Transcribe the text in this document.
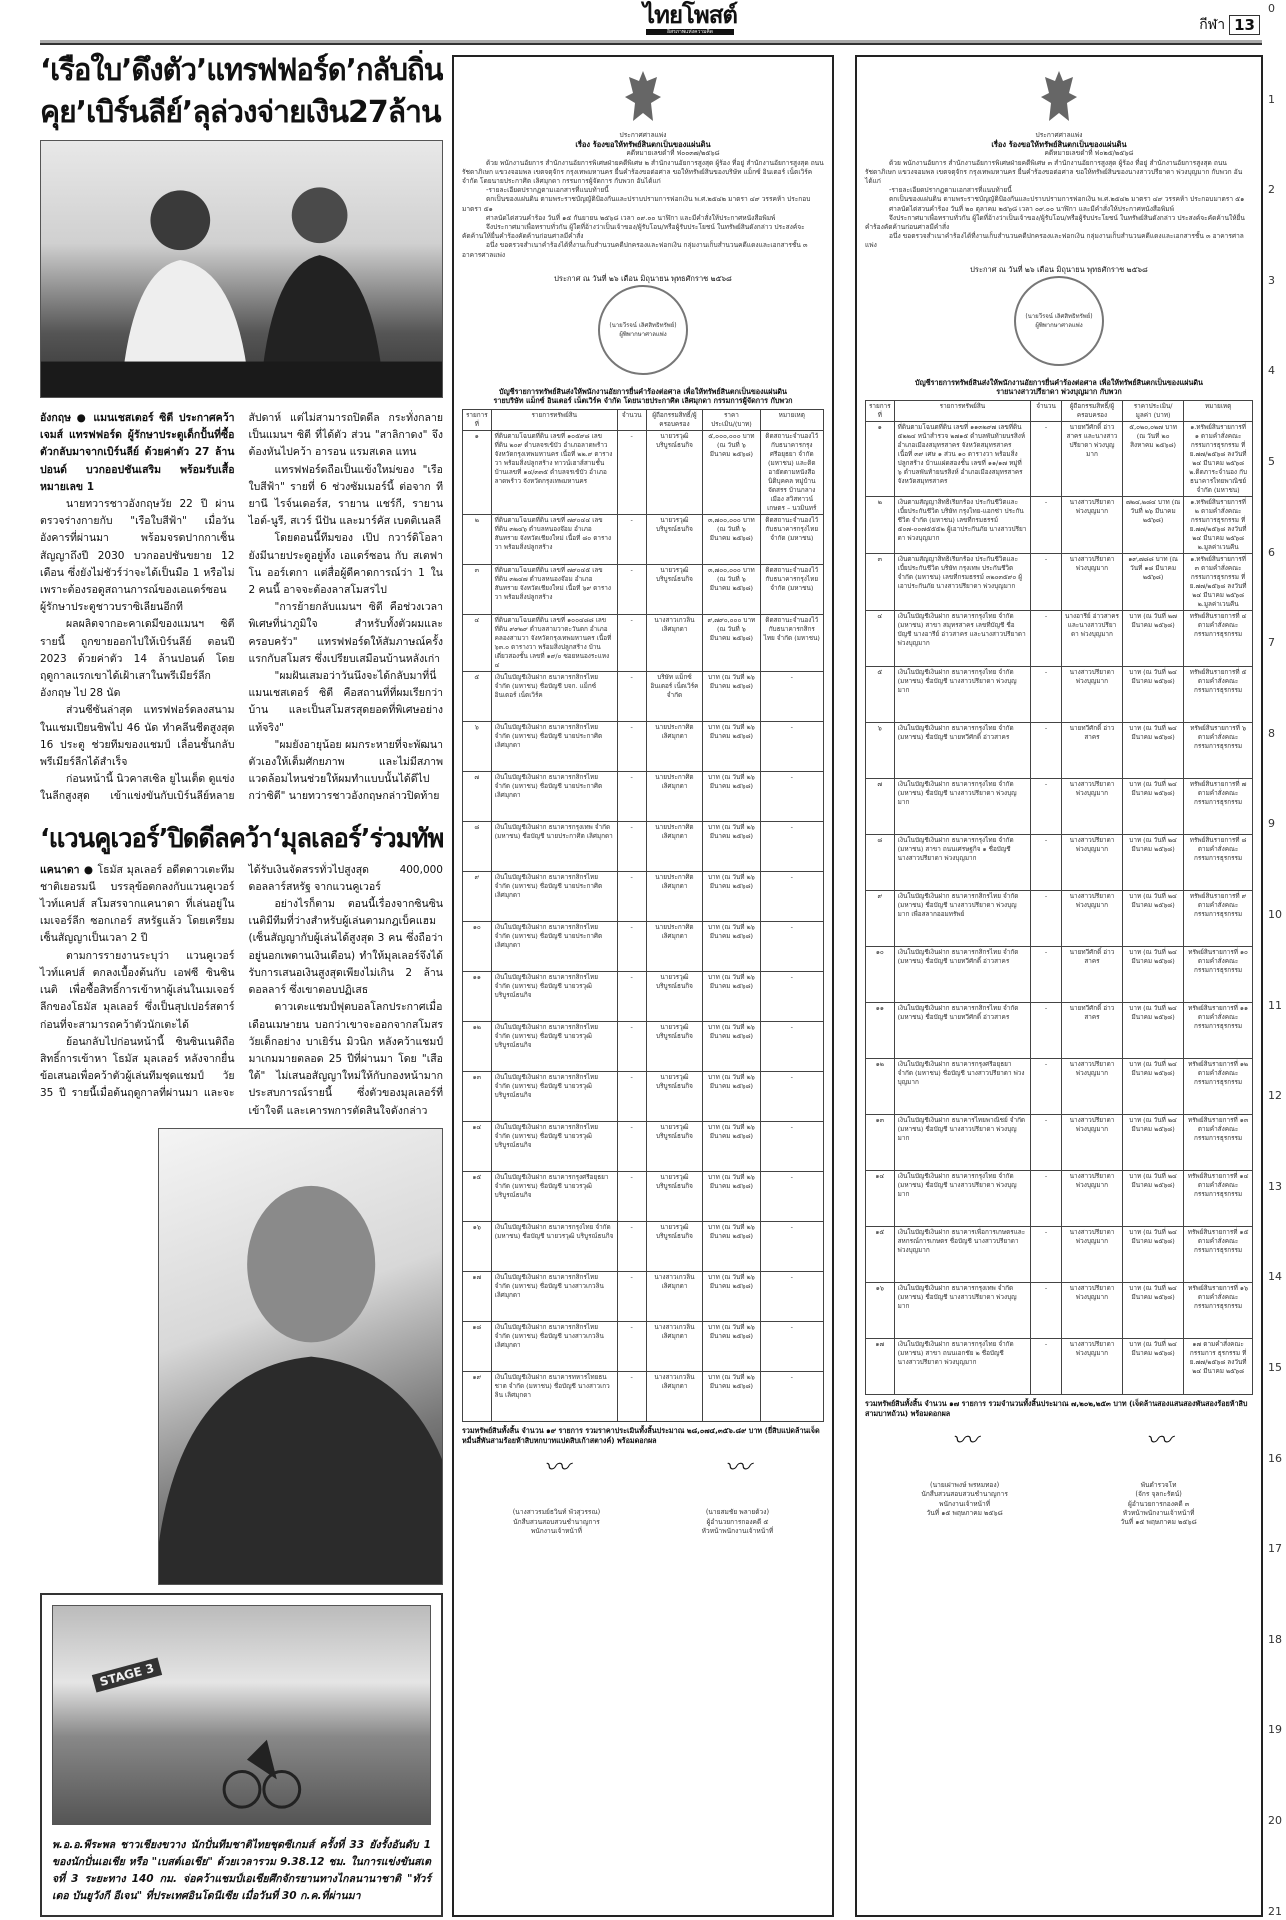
ไทยโพสต์
อิสรภาพแห่งความคิด	กีฬา 13
0
1
2
3
4
5
6
7
8
9
10
11
12
13
14
15
16
17
18
19
20
21
‘เรือใบ’ดึงตัว’แทรฟฟอร์ด’กลับถิ่น
คุย’เบิร์นลีย์’ลุล่วงจ่ายเงิน27ล้าน

อังกฤษ ● แมนเชสเตอร์ ซิตี ประกาศคว้า เจมส์ แทรฟฟอร์ด ผู้รักษาประตูเด็กปั้นที่ซื้อตัวกลับมาจากเบิร์นลีย์ ด้วยค่าตัว 27 ล้านปอนด์ บวกออปชันเสริม พร้อมรับเสื้อหมายเลข 1

นายทวารชาวอังกฤษวัย 22 ปี ผ่านตรวจร่างกายกับ "เรือใบสีฟ้า" เมื่อวันอังคารที่ผ่านมา พร้อมจรดปากกาเซ็นสัญญาถึงปี 2030 บวกออปชันขยาย 12 เดือน ซึ่งยังไม่ชัวร์ว่าจะได้เป็นมือ 1 หรือไม่ เพราะต้องรอดูสถานการณ์ของเอแดร์ซอน ผู้รักษาประตูชาวบราซิเลียนอีกที

ผลผลิตจากอะคาเดมีของแมนฯ ซิตี รายนี้ ถูกขายออกไปให้เบิร์นลีย์ ตอนปี 2023 ด้วยค่าตัว 14 ล้านปอนด์ โดยฤดูกาลแรกเขาได้เฝ้าเสาในพรีเมียร์ลีกอังกฤษ ไป 28 นัด

ส่วนซีซันล่าสุด แทรฟฟอร์ดลงสนามในแชมเปียนชิพไป 46 นัด ทำคลีนชีตสูงสุด 16 ประตู ช่วยทีมของแชมป์ เลื่อนชั้นกลับพรีเมียร์ลีกได้สำเร็จ

ก่อนหน้านี้ นิวคาสเซิล ยูไนเต็ด ดูแข่งในลีกสูงสุด เข้าแข่งขันกับเบิร์นลีย์หลายสัปดาห์ แต่ไม่สามารถปิดดีล กระทั่งกลายเป็นแมนฯ ซิตี ที่ได้ตัว ส่วน "สาลิกาดง" จึงต้องหันไปคว้า อารอน แรมสเดล แทน

แทรฟฟอร์ดถือเป็นแข้งใหม่ของ "เรือใบสีฟ้า" รายที่ 6 ช่วงซัมเมอร์นี้ ต่อจาก ทียานี ไรจ์นเดอร์ส, รายาน แชร์กี, รายาน ไอต์-นูรี, สเวร์ นีปัน และมาร์คัส เบตติเนลลี

โดยตอนนี้ทีมของ เป๊ป กวาร์ดิโอลา ยังมีนายประตูอยู่ทั้ง เอแดร์ซอน กับ สเตฟาโน ออร์เตกา แต่สื่อผู้ดีคาดการณ์ว่า 1 ใน 2 คนนี้ อาจจะต้องลาสโมสรไป

"การย้ายกลับแมนฯ ซิตี คือช่วงเวลาพิเศษที่น่าภูมิใจ สำหรับทั้งตัวผมและครอบครัว" แทรฟฟอร์ดให้สัมภาษณ์ครั้งแรกกับสโมสร ซึ่งเปรียบเสมือนบ้านหลังเก่า

"ผมฝันเสมอว่าวันนึงจะได้กลับมาที่นี่ แมนเชสเตอร์ ซิตี คือสถานที่ที่ผมเรียกว่าบ้าน และเป็นสโมสรสุดยอดที่พิเศษอย่างแท้จริง"

"ผมยังอายุน้อย ผมกระหายที่จะพัฒนาตัวเองให้เต็มศักยภาพ และไม่มีสภาพแวดล้อมไหนช่วยให้ผมทำแบบนั้นได้ดีไปกว่าซิตี" นายทวารชาวอังกฤษกล่าวปิดท้าย

‘แวนคูเวอร์’ปิดดีลคว้า‘มุลเลอร์’ร่วมทัพ

แคนาดา ● โธมัส มุลเลอร์ อดีตดาวเตะทีมชาติเยอรมนี บรรลุข้อตกลงกับแวนคูเวอร์ ไวท์แคปส์ สโมสรจากแคนาดา ที่เล่นอยู่ในเมเจอร์ลีก ซอกเกอร์ สหรัฐแล้ว โดยเตรียมเซ็นสัญญาเป็นเวลา 2 ปี

ตามการรายงานระบุว่า แวนคูเวอร์ ไวท์แคปส์ ตกลงเบื้องต้นกับ เอฟซี ซินซินเนติ เพื่อซื้อสิทธิ์การเข้าหาผู้เล่นในเมเจอร์ลีกของโธมัส มุลเลอร์ ซึ่งเป็นสุปเปอร์สตาร์ก่อนที่จะสามารถคว้าตัวนักเตะได้

ย้อนกลับไปก่อนหน้านี้ ซินซินเนติถือสิทธิ์การเข้าหา โธมัส มุลเลอร์ หลังจากยื่นข้อเสนอเพื่อคว้าตัวผู้เล่นทีมชุดแชมป์ วัย 35 ปี รายนี้เมื่อต้นฤดูกาลที่ผ่านมา และจะได้รับเงินจัดสรรทั่วไปสูงสุด 400,000 ดอลลาร์สหรัฐ จากแวนคูเวอร์

อย่างไรก็ตาม ตอนนี้เรื่องจากซินซินเนติมีทีมที่ว่างสำหรับผู้เล่นตามกฎเบ็คแฮม (เซ็นสัญญากับผู้เล่นได้สูงสุด 3 คน ซึ่งถือว่าอยู่นอกเพดานเงินเดือน) ทำให้มุลเลอร์จึงได้รับการเสนอเงินสูงสุดเพียงไม่เกิน 2 ล้านดอลลาร์ ซึ่งเขาตอบปฏิเสธ

ดาวเตะแชมป์ฟุตบอลโลกประกาศเมื่อเดือนเมษายน บอกว่าเขาจะออกจากสโมสรวัยเด็กอย่าง บาเยิร์น มิวนิก หลังคว้าแชมป์มาเกมมายตลอด 25 ปีที่ผ่านมา โดย "เสือใต้" ไม่เสนอสัญญาใหม่ให้กับกองหน้ามากประสบการณ์รายนี้ ซึ่งตัวของมุลเลอร์ที่เข้าใจดี และเคารพการตัดสินใจดังกล่าว

STAGE 3

พ.อ.อ.พีระพล ชาวเชียงขวาง นักปั่นทีมชาติไทยชุดซีเกมส์ ครั้งที่ 33 ยังรั้งอันดับ 1 ของนักปั่นเอเชีย หรือ "เบสต์เอเชีย" ด้วยเวลารวม 9.38.12 ชม. ในการแข่งขันสเตจที่ 3 ระยะทาง 140 กม. จ่อคว้าแชมป์เอเชียศึกจักรยานทางไกลนานาชาติ "ทัวร์ เดอ บันยูวังกี อีเจน" ที่ประเทศอินโดนีเซีย เมื่อวันที่ 30 ก.ค.ที่ผ่านมา

ประกาศศาลแพ่ง
เรื่อง ร้องขอให้ทรัพย์สินตกเป็นของแผ่นดิน
คดีหมายเลขดำที่ ฟ๐๐๓๗/๒๕๖๘

ด้วย พนักงานอัยการ สำนักงานอัยการพิเศษฝ่ายคดีพิเศษ ๒ สำนักงานอัยการสูงสุด ผู้ร้อง ที่อยู่ สำนักงานอัยการสูงสุด ถนนรัชดาภิเษก แขวงจอมพล เขตจตุจักร กรุงเทพมหานคร ยื่นคำร้องขอต่อศาล ขอให้ทรัพย์สินของบริษัท แม็กซ์ อินเตอร์ เน็ตเวิร์ค จำกัด โดยนายประกาศิต เลิศมุกดา กรรมการผู้จัดการ กับพวก อันได้แก่

-รายละเอียดปรากฏตามเอกสารที่แนบท้ายนี้

ตกเป็นของแผ่นดิน ตามพระราชบัญญัติป้องกันและปราบปรามการฟอกเงิน พ.ศ.๒๕๔๒ มาตรา ๔๙ วรรคห้า ประกอบมาตรา ๕๑

ศาลนัดไต่สวนคำร้อง วันที่ ๑๕ กันยายน ๒๕๖๘ เวลา ๐๙.๐๐ นาฬิกา และมีคำสั่งให้ประกาศหนังสือพิมพ์

จึงประกาศมาเพื่อทราบทั่วกัน ผู้ใดที่อ้างว่าเป็นเจ้าของ/ผู้รับโอน/หรือผู้รับประโยชน์ ในทรัพย์สินดังกล่าว ประสงค์จะคัดค้านให้ยื่นคำร้องคัดค้านก่อนศาลมีคำสั่ง

อนึ่ง ขอตรวจสำเนาคำร้องได้ที่งานเก็บสำนวนคดีปกครองและฟอกเงิน กลุ่มงานเก็บสำนวนคดีแดงและเอกสารชั้น ๓ อาคารศาลแพ่ง

ประกาศ ณ วันที่ ๒๖ เดือน มิถุนายน พุทธศักราช ๒๕๖๘
(นายวีรจน์ เลิศสิทธิทรัพย์)
ผู้พิพากษาศาลแพ่ง
บัญชีรายการทรัพย์สินส่งให้พนักงานอัยการยื่นคำร้องต่อศาล เพื่อให้ทรัพย์สินตกเป็นของแผ่นดิน
รายบริษัท แม็กซ์ อินเตอร์ เน็ตเวิร์ค จำกัด โดยนายประกาศิต เลิศมุกดา กรรมการผู้จัดการ กับพวก
รายการที่	รายการทรัพย์สิน	จำนวน	ผู้ถือกรรมสิทธิ์/ผู้ครอบครอง	ราคาประเมิน/(บาท)	หมายเหตุ
๑	ที่ดินตามโฉนดที่ดิน เลขที่ ๑๐๕๙๘ เลขที่ดิน ๒๐๙ ตำบลจรเข้บัว อำเภอลาดพร้าว จังหวัดกรุงเทพมหานคร เนื้อที่ ๒๒.๙ ตารางวา พร้อมสิ่งปลูกสร้าง ทาวน์เฮาส์สามชั้น บ้านเลขที่ ๑๔/๓๓๕ ตำบลจรเข้บัว อำเภอลาดพร้าว จังหวัดกรุงเทพมหานคร	-	นายวรวุฒิ บริบูรณ์ธนกิจ	๕,๐๐๐,๐๐๐ บาท (ณ วันที่ ๖ มีนาคม ๒๕๖๘)	ติดสถานะจำนองไว้กับธนาคารกรุงศรีอยุธยา จำกัด (มหาชน) และติดอายัดตามหนังสือนิติบุคคล หมู่บ้านจัดสรร บ้านกลางเมือง สวิสทาวน์ เกษตร – นวมินทร์
๒	ที่ดินตามโฉนดที่ดิน เลขที่ ๗๙๐๔๔ เลขที่ดิน ๓๒๔๖ ตำบลหนองจ๊อม อำเภอสันทราย จังหวัดเชียงใหม่ เนื้อที่ ๘๐ ตารางวา พร้อมสิ่งปลูกสร้าง	-	นายวรวุฒิ บริบูรณ์ธนกิจ	๓,๗๐๐,๐๐๐ บาท (ณ วันที่ ๖ มีนาคม ๒๕๖๘)	ติดสถานะจำนองไว้กับธนาคารกรุงไทย จำกัด (มหาชน)
๓	ที่ดินตามโฉนดที่ดิน เลขที่ ๗๙๐๔๕ เลขที่ดิน ๓๒๔๗ ตำบลหนองจ๊อม อำเภอสันทราย จังหวัดเชียงใหม่ เนื้อที่ ๖๙ ตารางวา พร้อมสิ่งปลูกสร้าง	-	นายวรวุฒิ บริบูรณ์ธนกิจ	๓,๗๐๐,๐๐๐ บาท (ณ วันที่ ๖ มีนาคม ๒๕๖๘)	ติดสถานะจำนองไว้กับธนาคารกรุงไทย จำกัด (มหาชน)
๔	ที่ดินตามโฉนดที่ดิน เลขที่ ๑๐๐๔๘๘ เลขที่ดิน ๙๙๒๙ ตำบลสามวาตะวันตก อำเภอคลองสามวา จังหวัดกรุงเทพมหานคร เนื้อที่ ๖๓.๐ ตารางวา พร้อมสิ่งปลูกสร้าง บ้านเดี่ยวสองชั้น เลขที่ ๑๙/๐ ซอยหนองระแหง ๔	-	นางสาวเกวลิน เลิศมุกดา	๙,๗๙๐,๐๐๐ บาท (ณ วันที่ ๖ มีนาคม ๒๕๖๘)	ติดสถานะจำนองไว้กับธนาคารกสิกรไทย จำกัด (มหาชน)
๕	เงินในบัญชีเงินฝาก ธนาคารกสิกรไทย จำกัด (มหาชน) ชื่อบัญชี บจก. แม็กซ์ อินเตอร์ เน็ตเวิร์ค	-	บริษัท แม็กซ์ อินเตอร์ เน็ตเวิร์ค จำกัด	บาท (ณ วันที่ ๒๖ มีนาคม ๒๕๖๘)	-
๖	เงินในบัญชีเงินฝาก ธนาคารกสิกรไทย จำกัด (มหาชน) ชื่อบัญชี นายประกาศิต เลิศมุกดา	-	นายประกาศิต เลิศมุกดา	บาท (ณ วันที่ ๒๖ มีนาคม ๒๕๖๘)	-
๗	เงินในบัญชีเงินฝาก ธนาคารกสิกรไทย จำกัด (มหาชน) ชื่อบัญชี นายประกาศิต เลิศมุกดา	-	นายประกาศิต เลิศมุกดา	บาท (ณ วันที่ ๒๖ มีนาคม ๒๕๖๘)	-
๘	เงินในบัญชีเงินฝาก ธนาคารกรุงเทพ จำกัด (มหาชน) ชื่อบัญชี นายประกาศิต เลิศมุกดา	-	นายประกาศิต เลิศมุกดา	บาท (ณ วันที่ ๒๖ มีนาคม ๒๕๖๘)	-
๙	เงินในบัญชีเงินฝาก ธนาคารกสิกรไทย จำกัด (มหาชน) ชื่อบัญชี นายประกาศิต เลิศมุกดา	-	นายประกาศิต เลิศมุกดา	บาท (ณ วันที่ ๒๖ มีนาคม ๒๕๖๘)	-
๑๐	เงินในบัญชีเงินฝาก ธนาคารกสิกรไทย จำกัด (มหาชน) ชื่อบัญชี นายประกาศิต เลิศมุกดา	-	นายประกาศิต เลิศมุกดา	บาท (ณ วันที่ ๒๖ มีนาคม ๒๕๖๘)	-
๑๑	เงินในบัญชีเงินฝาก ธนาคารกสิกรไทย จำกัด (มหาชน) ชื่อบัญชี นายวรวุฒิ บริบูรณ์ธนกิจ	-	นายวรวุฒิ บริบูรณ์ธนกิจ	บาท (ณ วันที่ ๒๖ มีนาคม ๒๕๖๘)	-
๑๒	เงินในบัญชีเงินฝาก ธนาคารกสิกรไทย จำกัด (มหาชน) ชื่อบัญชี นายวรวุฒิ บริบูรณ์ธนกิจ	-	นายวรวุฒิ บริบูรณ์ธนกิจ	บาท (ณ วันที่ ๒๖ มีนาคม ๒๕๖๘)	-
๑๓	เงินในบัญชีเงินฝาก ธนาคารกสิกรไทย จำกัด (มหาชน) ชื่อบัญชี นายวรวุฒิ บริบูรณ์ธนกิจ	-	นายวรวุฒิ บริบูรณ์ธนกิจ	บาท (ณ วันที่ ๒๖ มีนาคม ๒๕๖๘)	-
๑๔	เงินในบัญชีเงินฝาก ธนาคารกสิกรไทย จำกัด (มหาชน) ชื่อบัญชี นายวรวุฒิ บริบูรณ์ธนกิจ	-	นายวรวุฒิ บริบูรณ์ธนกิจ	บาท (ณ วันที่ ๒๖ มีนาคม ๒๕๖๘)	-
๑๕	เงินในบัญชีเงินฝาก ธนาคารกรุงศรีอยุธยา จำกัด (มหาชน) ชื่อบัญชี นายวรวุฒิ บริบูรณ์ธนกิจ	-	นายวรวุฒิ บริบูรณ์ธนกิจ	บาท (ณ วันที่ ๒๖ มีนาคม ๒๕๖๘)	-
๑๖	เงินในบัญชีเงินฝาก ธนาคารกรุงไทย จำกัด (มหาชน) ชื่อบัญชี นายวรวุฒิ บริบูรณ์ธนกิจ	-	นายวรวุฒิ บริบูรณ์ธนกิจ	บาท (ณ วันที่ ๒๖ มีนาคม ๒๕๖๘)	-
๑๗	เงินในบัญชีเงินฝาก ธนาคารกสิกรไทย จำกัด (มหาชน) ชื่อบัญชี นางสาวเกวลิน เลิศมุกดา	-	นางสาวเกวลิน เลิศมุกดา	บาท (ณ วันที่ ๒๖ มีนาคม ๒๕๖๘)	-
๑๘	เงินในบัญชีเงินฝาก ธนาคารกสิกรไทย จำกัด (มหาชน) ชื่อบัญชี นางสาวเกวลิน เลิศมุกดา	-	นางสาวเกวลิน เลิศมุกดา	บาท (ณ วันที่ ๒๖ มีนาคม ๒๕๖๘)	-
๑๙	เงินในบัญชีเงินฝาก ธนาคารทหารไทยธนชาต จำกัด (มหาชน) ชื่อบัญชี นางสาวเกวลิน เลิศมุกดา	-	นางสาวเกวลิน เลิศมุกดา	บาท (ณ วันที่ ๒๖ มีนาคม ๒๕๖๘)	-
รวมทรัพย์สินทั้งสิ้น จำนวน ๑๙ รายการ รวมราคาประเมินทั้งสิ้นประมาณ ๒๘,๐๗๔,๓๕๖.๘๙ บาท (ยี่สิบแปดล้านเจ็ดหมื่นสี่พันสามร้อยห้าสิบหกบาทแปดสิบเก้าสตางค์) พร้อมดอกผล
〰
(นางสาวรมย์ธวินท์ พัวสุวรรณ)
นักสืบสวนสอบสวนชำนาญการ
พนักงานเจ้าหน้าที่
〰
(นายสมชัย พลายด้วง)
ผู้อำนวยการกองคดี ๕
หัวหน้าพนักงานเจ้าหน้าที่
ประกาศศาลแพ่ง
เรื่อง ร้องขอให้ทรัพย์สินตกเป็นของแผ่นดิน
คดีหมายเลขดำที่ ฟ๐๒๕/๒๕๖๘

ด้วย พนักงานอัยการ สำนักงานอัยการพิเศษฝ่ายคดีพิเศษ ๓ สำนักงานอัยการสูงสุด ผู้ร้อง ที่อยู่ สำนักงานอัยการสูงสุด ถนนรัชดาภิเษก แขวงจอมพล เขตจตุจักร กรุงเทพมหานคร ยื่นคำร้องขอต่อศาล ขอให้ทรัพย์สินของนางสาวปรียาดา พ่วงบุญมาก กับพวก อันได้แก่

-รายละเอียดปรากฏตามเอกสารที่แนบท้ายนี้

ตกเป็นของแผ่นดิน ตามพระราชบัญญัติป้องกันและปราบปรามการฟอกเงิน พ.ศ.๒๕๔๒ มาตรา ๔๙ วรรคห้า ประกอบมาตรา ๕๑

ศาลนัดไต่สวนคำร้อง วันที่ ๒๐ ตุลาคม ๒๕๖๘ เวลา ๐๙.๐๐ นาฬิกา และมีคำสั่งให้ประกาศหนังสือพิมพ์

จึงประกาศมาเพื่อทราบทั่วกัน ผู้ใดที่อ้างว่าเป็นเจ้าของ/ผู้รับโอน/หรือผู้รับประโยชน์ ในทรัพย์สินดังกล่าว ประสงค์จะคัดค้านให้ยื่นคำร้องคัดค้านก่อนศาลมีคำสั่ง

อนึ่ง ขอตรวจสำเนาคำร้องได้ที่งานเก็บสำนวนคดีปกครองและฟอกเงิน กลุ่มงานเก็บสำนวนคดีแดงและเอกสารชั้น ๓ อาคารศาลแพ่ง

ประกาศ ณ วันที่ ๒๖ เดือน มิถุนายน พุทธศักราช ๒๕๖๘
(นายวีรจน์ เลิศสิทธิทรัพย์)
ผู้พิพากษาศาลแพ่ง
บัญชีรายการทรัพย์สินส่งให้พนักงานอัยการยื่นคำร้องต่อศาล เพื่อให้ทรัพย์สินตกเป็นของแผ่นดิน
รายนางสาวปรียาดา พ่วงบุญมาก กับพวก
รายการที่	รายการทรัพย์สิน	จำนวน	ผู้ถือกรรมสิทธิ์/ผู้ครอบครอง	ราคาประเมิน/มูลค่า (บาท)	หมายเหตุ
๑	ที่ดินตามโฉนดที่ดิน เลขที่ ๑๑๓๒๙๗ เลขที่ดิน ๕๒๒๔ หน้าสำรวจ ๒๗๑๕ ตำบลพันท้ายนรสิงห์ อำเภอเมืองสมุทรสาคร จังหวัดสมุทรสาคร เนื้อที่ ๓๙ เศษ ๑ ส่วน ๑๐ ตารางวา พร้อมสิ่งปลูกสร้าง บ้านแฝดสองชั้น เลขที่ ๑๑/๑๗ หมู่ที่ ๖ ตำบลพันท้ายนรสิงห์ อำเภอเมืองสมุทรสาคร จังหวัดสมุทรสาคร	-	นายทวีศักดิ์ อ่าวสาคร และนางสาวปรียาดา พ่วงบุญมาก	๕,๐๒๐,๐๒๗ บาท (ณ วันที่ ๒๐ สิงหาคม ๒๕๖๘)	๑.ทรัพย์สินรายการที่ ๑ ตามคำสั่งคณะกรรมการธุรกรรม ที่ ย.๗๗/๒๕๖๘ ลงวันที่ ๒๔ มีนาคม ๒๕๖๘ ๒.ติดภาระจำนอง กับธนาคารไทยพาณิชย์ จำกัด (มหาชน)
๒	เงินตามสัญญาสิทธิเรียกร้อง ประกันชีวิตและเบี้ยประกันชีวิต บริษัท กรุงไทย-แอกซ่า ประกันชีวิต จำกัด (มหาชน) เลขที่กรมธรรม์ ๕๐๗-๐๐๗๕๕๕๒ ผู้เอาประกันภัย นางสาวปรียาดา พ่วงบุญมาก	-	นางสาวปรียาดา พ่วงบุญมาก	๗๒๔,๒๘๔ บาท (ณ วันที่ ๒๖ มีนาคม ๒๕๖๘)	๑.ทรัพย์สินรายการที่ ๒ ตามคำสั่งคณะกรรมการธุรกรรม ที่ ย.๗๗/๒๕๖๘ ลงวันที่ ๒๔ มีนาคม ๒๕๖๘ ๒.มูลค่าเวนคืน
๓	เงินตามสัญญาสิทธิเรียกร้อง ประกันชีวิตและเบี้ยประกันชีวิต บริษัท กรุงเทพ ประกันชีวิต จำกัด (มหาชน) เลขที่กรมธรรม์ ๓๒๐๓๕๙๐ ผู้เอาประกันภัย นางสาวปรียาดา พ่วงบุญมาก	-	นางสาวปรียาดา พ่วงบุญมาก	๑๙,๗๘๘ บาท (ณ วันที่ ๑๘ มีนาคม ๒๕๖๘)	๑.ทรัพย์สินรายการที่ ๓ ตามคำสั่งคณะกรรมการธุรกรรม ที่ ย.๗๗/๒๕๖๘ ลงวันที่ ๒๔ มีนาคม ๒๕๖๘ ๒.มูลค่าเวนคืน
๔	เงินในบัญชีเงินฝาก ธนาคารกรุงไทย จำกัด (มหาชน) สาขา สมุทรสาคร เลขที่บัญชี ชื่อบัญชี นางอารีย์ อ่าวสาคร และนางสาวปรียาดา พ่วงบุญมาก	-	นางอารีย์ อ่าวสาคร และนางสาวปรียาดา พ่วงบุญมาก	บาท (ณ วันที่ ๒๗ มีนาคม ๒๕๖๘)	ทรัพย์สินรายการที่ ๔ ตามคำสั่งคณะกรรมการธุรกรรม
๕	เงินในบัญชีเงินฝาก ธนาคารกรุงไทย จำกัด (มหาชน) ชื่อบัญชี นางสาวปรียาดา พ่วงบุญมาก	-	นางสาวปรียาดา พ่วงบุญมาก	บาท (ณ วันที่ ๒๔ มีนาคม ๒๕๖๘)	ทรัพย์สินรายการที่ ๕ ตามคำสั่งคณะกรรมการธุรกรรม
๖	เงินในบัญชีเงินฝาก ธนาคารกรุงไทย จำกัด (มหาชน) ชื่อบัญชี นายทวีศักดิ์ อ่าวสาคร	-	นายทวีศักดิ์ อ่าวสาคร	บาท (ณ วันที่ ๒๔ มีนาคม ๒๕๖๘)	ทรัพย์สินรายการที่ ๖ ตามคำสั่งคณะกรรมการธุรกรรม
๗	เงินในบัญชีเงินฝาก ธนาคารกรุงไทย จำกัด (มหาชน) ชื่อบัญชี นางสาวปรียาดา พ่วงบุญมาก	-	นางสาวปรียาดา พ่วงบุญมาก	บาท (ณ วันที่ ๒๔ มีนาคม ๒๕๖๘)	ทรัพย์สินรายการที่ ๗ ตามคำสั่งคณะกรรมการธุรกรรม
๘	เงินในบัญชีเงินฝาก ธนาคารกรุงไทย จำกัด (มหาชน) สาขา ถนนเศรษฐกิจ ๑ ชื่อบัญชี นางสาวปรียาดา พ่วงบุญมาก	-	นางสาวปรียาดา พ่วงบุญมาก	บาท (ณ วันที่ ๒๔ มีนาคม ๒๕๖๘)	ทรัพย์สินรายการที่ ๘ ตามคำสั่งคณะกรรมการธุรกรรม
๙	เงินในบัญชีเงินฝาก ธนาคารกสิกรไทย จำกัด (มหาชน) ชื่อบัญชี นางสาวปรียาดา พ่วงบุญมาก เพื่อสลากออมทรัพย์	-	นางสาวปรียาดา พ่วงบุญมาก	บาท (ณ วันที่ ๒๔ มีนาคม ๒๕๖๘)	ทรัพย์สินรายการที่ ๙ ตามคำสั่งคณะกรรมการธุรกรรม
๑๐	เงินในบัญชีเงินฝาก ธนาคารกสิกรไทย จำกัด (มหาชน) ชื่อบัญชี นายทวีศักดิ์ อ่าวสาคร	-	นายทวีศักดิ์ อ่าวสาคร	บาท (ณ วันที่ ๒๔ มีนาคม ๒๕๖๘)	ทรัพย์สินรายการที่ ๑๐ ตามคำสั่งคณะกรรมการธุรกรรม
๑๑	เงินในบัญชีเงินฝาก ธนาคารกสิกรไทย จำกัด (มหาชน) ชื่อบัญชี นายทวีศักดิ์ อ่าวสาคร	-	นายทวีศักดิ์ อ่าวสาคร	บาท (ณ วันที่ ๒๔ มีนาคม ๒๕๖๘)	ทรัพย์สินรายการที่ ๑๑ ตามคำสั่งคณะกรรมการธุรกรรม
๑๒	เงินในบัญชีเงินฝาก ธนาคารกรุงศรีอยุธยา จำกัด (มหาชน) ชื่อบัญชี นางสาวปรียาดา พ่วงบุญมาก	-	นางสาวปรียาดา พ่วงบุญมาก	บาท (ณ วันที่ ๒๔ มีนาคม ๒๕๖๘)	ทรัพย์สินรายการที่ ๑๒ ตามคำสั่งคณะกรรมการธุรกรรม
๑๓	เงินในบัญชีเงินฝาก ธนาคารไทยพาณิชย์ จำกัด (มหาชน) ชื่อบัญชี นางสาวปรียาดา พ่วงบุญมาก	-	นางสาวปรียาดา พ่วงบุญมาก	บาท (ณ วันที่ ๒๔ มีนาคม ๒๕๖๘)	ทรัพย์สินรายการที่ ๑๓ ตามคำสั่งคณะกรรมการธุรกรรม
๑๔	เงินในบัญชีเงินฝาก ธนาคารกรุงไทย จำกัด (มหาชน) ชื่อบัญชี นางสาวปรียาดา พ่วงบุญมาก	-	นางสาวปรียาดา พ่วงบุญมาก	บาท (ณ วันที่ ๒๔ มีนาคม ๒๕๖๘)	ทรัพย์สินรายการที่ ๑๔ ตามคำสั่งคณะกรรมการธุรกรรม
๑๕	เงินในบัญชีเงินฝาก ธนาคารเพื่อการเกษตรและสหกรณ์การเกษตร ชื่อบัญชี นางสาวปรียาดา พ่วงบุญมาก	-	นางสาวปรียาดา พ่วงบุญมาก	บาท (ณ วันที่ ๒๔ มีนาคม ๒๕๖๘)	ทรัพย์สินรายการที่ ๑๕ ตามคำสั่งคณะกรรมการธุรกรรม
๑๖	เงินในบัญชีเงินฝาก ธนาคารกรุงเทพ จำกัด (มหาชน) ชื่อบัญชี นางสาวปรียาดา พ่วงบุญมาก	-	นางสาวปรียาดา พ่วงบุญมาก	บาท (ณ วันที่ ๒๔ มีนาคม ๒๕๖๘)	ทรัพย์สินรายการที่ ๑๖ ตามคำสั่งคณะกรรมการธุรกรรม
๑๗	เงินในบัญชีเงินฝาก ธนาคารกรุงไทย จำกัด (มหาชน) สาขา ถนนเอกชัย ๒ ชื่อบัญชี นางสาวปรียาดา พ่วงบุญมาก	-	นางสาวปรียาดา พ่วงบุญมาก	บาท (ณ วันที่ ๒๔ มีนาคม ๒๕๖๘)	๑๗ ตามคำสั่งคณะกรรมการ ธุรกรรม ที่ ย.๗๗/๒๕๖๘ ลงวันที่ ๒๔ มีนาคม ๒๕๖๘
รวมทรัพย์สินทั้งสิ้น จำนวน ๑๗ รายการ รวมจำนวนทั้งสิ้นประมาณ ๗,๒๐๒,๒๕๓ บาท (เจ็ดล้านสองแสนสองพันสองร้อยห้าสิบสามบาทถ้วน) พร้อมดอกผล
〰
(นายเผ่าพงษ์ พรหมทอง)
นักสืบสวนสอบสวนชำนาญการ
พนักงานเจ้าหน้าที่
วันที่ ๑๕ พฤษภาคม ๒๕๖๘
〰
พันตำรวจโท
(จักร จุลกะรัตน์)
ผู้อำนวยการกองคดี ๓
หัวหน้าพนักงานเจ้าหน้าที่
วันที่ ๑๕ พฤษภาคม ๒๕๖๘
